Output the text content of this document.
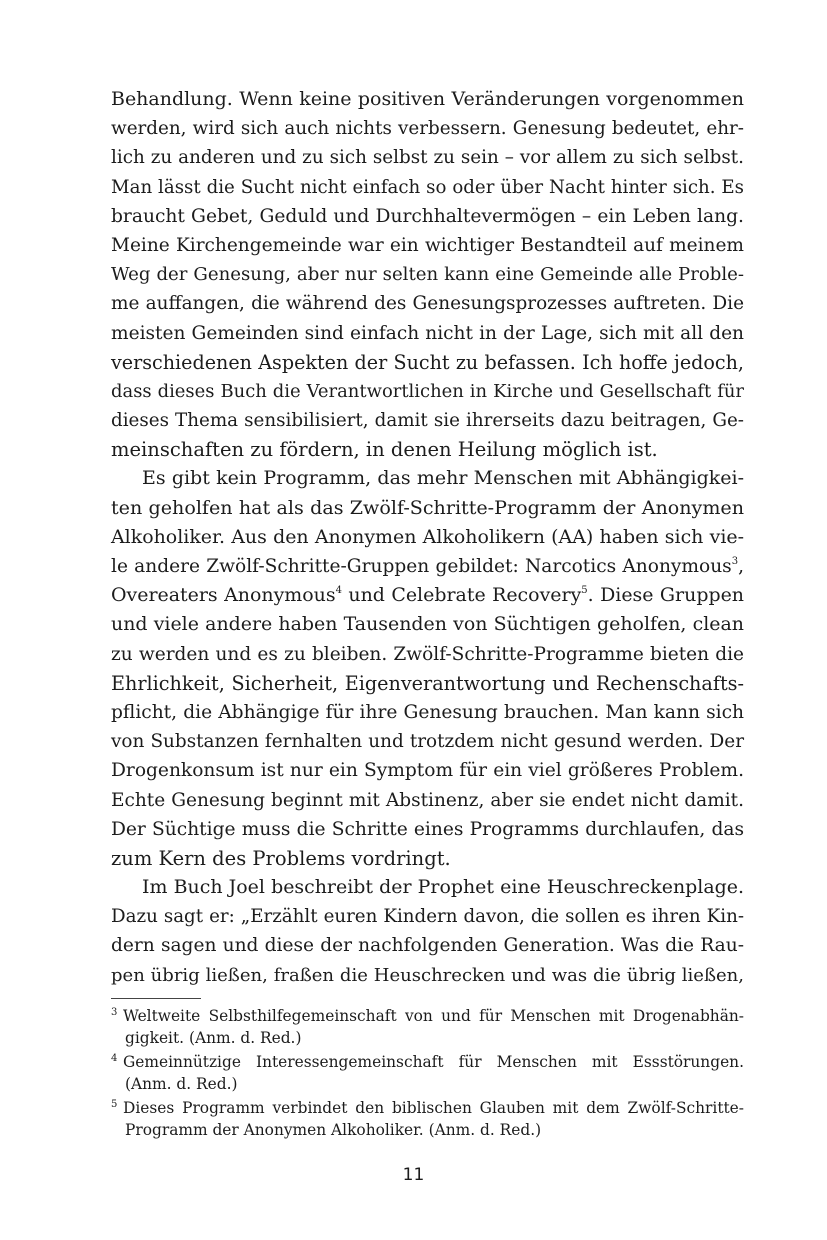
Behandlung. Wenn keine positiven Veränderungen vorgenommen
werden, wird sich auch nichts verbessern. Genesung bedeutet, ehr-
lich zu anderen und zu sich selbst zu sein – vor allem zu sich selbst.
Man lässt die Sucht nicht einfach so oder über Nacht hinter sich. Es
braucht Gebet, Geduld und Durchhaltevermögen – ein Leben lang.
Meine Kirchengemeinde war ein wichtiger Bestandteil auf meinem
Weg der Genesung, aber nur selten kann eine Gemeinde alle Proble-
me auffangen, die während des Genesungsprozesses auftreten. Die
meisten Gemeinden sind einfach nicht in der Lage, sich mit all den
verschiedenen Aspekten der Sucht zu befassen. Ich hoffe jedoch,
dass dieses Buch die Verantwortlichen in Kirche und Gesellschaft für
dieses Thema sensibilisiert, damit sie ihrerseits dazu beitragen, Ge-
meinschaften zu fördern, in denen Heilung möglich ist.
Es gibt kein Programm, das mehr Menschen mit Abhängigkei-
ten geholfen hat als das Zwölf-Schritte-Programm der Anonymen
Alkoholiker. Aus den Anonymen Alkoholikern (AA) haben sich vie-
le andere Zwölf-Schritte-Gruppen gebildet: Narcotics Anonymous$^3$,
Overeaters Anonymous$^4$ und Celebrate Recovery$^5$. Diese Gruppen
und viele andere haben Tausenden von Süchtigen geholfen, clean
zu werden und es zu bleiben. Zwölf-Schritte-Programme bieten die
Ehrlichkeit, Sicherheit, Eigenverantwortung und Rechenschafts-
pflicht, die Abhängige für ihre Genesung brauchen. Man kann sich
von Substanzen fernhalten und trotzdem nicht gesund werden. Der
Drogenkonsum ist nur ein Symptom für ein viel größeres Problem.
Echte Genesung beginnt mit Abstinenz, aber sie endet nicht damit.
Der Süchtige muss die Schritte eines Programms durchlaufen, das
zum Kern des Problems vordringt.
Im Buch Joel beschreibt der Prophet eine Heuschreckenplage.
Dazu sagt er: „Erzählt euren Kindern davon, die sollen es ihren Kin-
dern sagen und diese der nachfolgenden Generation. Was die Rau-
pen übrig ließen, fraßen die Heuschrecken und was die übrig ließen,
3 Weltweite Selbsthilfegemeinschaft von und für Menschen mit Drogenabhän-
gigkeit. (Anm. d. Red.)
4 Gemeinnützige Interessengemeinschaft für Menschen mit Essstörungen.
(Anm. d. Red.)
5 Dieses Programm verbindet den biblischen Glauben mit dem Zwölf-Schritte-
Programm der Anonymen Alkoholiker. (Anm. d. Red.)
11
